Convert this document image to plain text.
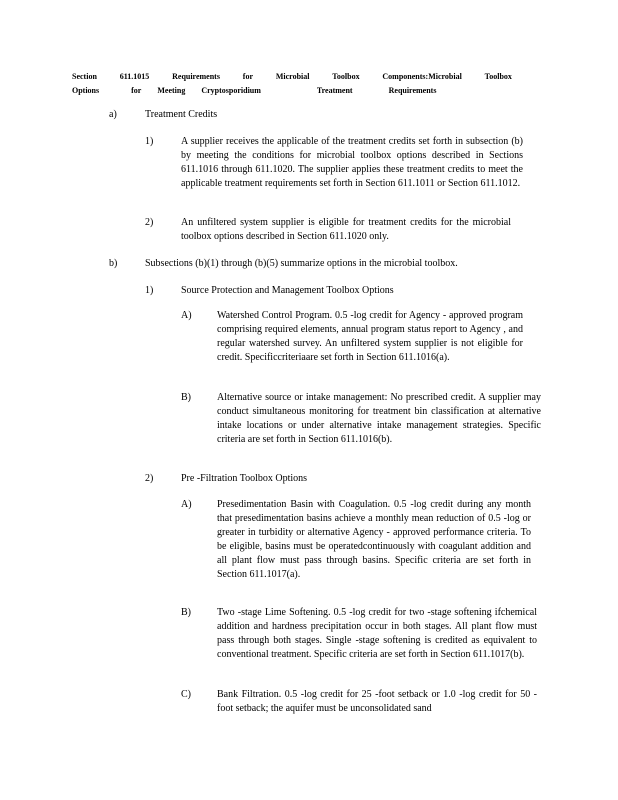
Section	611.1015	Requirements	for	Microbial	Toolbox	Components:Microbial	Toolbox
Options	for Meeting Cryptosporidium	Treatment	Requirements
a)	Treatment Credits
1)	A supplier receives the applicable of the treatment credits set forth in subsection (b) by meeting the conditions for microbial toolbox options described in Sections 611.1016 through 611.1020. The supplier applies these treatment credits to meet the applicable treatment requirements set forth in Section 611.1011 or Section 611.1012.
2)	An unfiltered system supplier is eligible for treatment credits for the microbial toolbox options described in Section 611.1020 only.
b)	Subsections (b)(1) through (b)(5) summarize options in the microbial toolbox.
1)	Source Protection and Management Toolbox Options
A)	Watershed Control Program. 0.5 -log credit for Agency - approved program comprising required elements, annual program status report to Agency , and regular watershed survey. An unfiltered system supplier is not eligible for credit. Specificcriteriaare set forth in Section 611.1016(a).
B)	Alternative source or intake management: No prescribed credit. A supplier may conduct simultaneous monitoring for treatment bin classification at alternative intake locations or under alternative intake management strategies. Specific criteria are set forth in Section 611.1016(b).
2)	Pre -Filtration Toolbox Options
A)	Presedimentation Basin with Coagulation. 0.5 -log credit during any month that presedimentation basins achieve a monthly mean reduction of 0.5 -log or greater in turbidity or alternative Agency - approved performance criteria. To be eligible, basins must be operatedcontinuously with coagulant addition and all plant flow must pass through basins. Specific criteria are set forth in Section 611.1017(a).
B)	Two -stage Lime Softening. 0.5 -log credit for two -stage softening ifchemical addition and hardness precipitation occur in both stages. All plant flow must pass through both stages. Single -stage softening is credited as equivalent to conventional treatment. Specific criteria are set forth in Section 611.1017(b).
C)	Bank Filtration. 0.5 -log credit for 25 -foot setback or 1.0 -log credit for 50 -foot setback; the aquifer must be unconsolidated sand
